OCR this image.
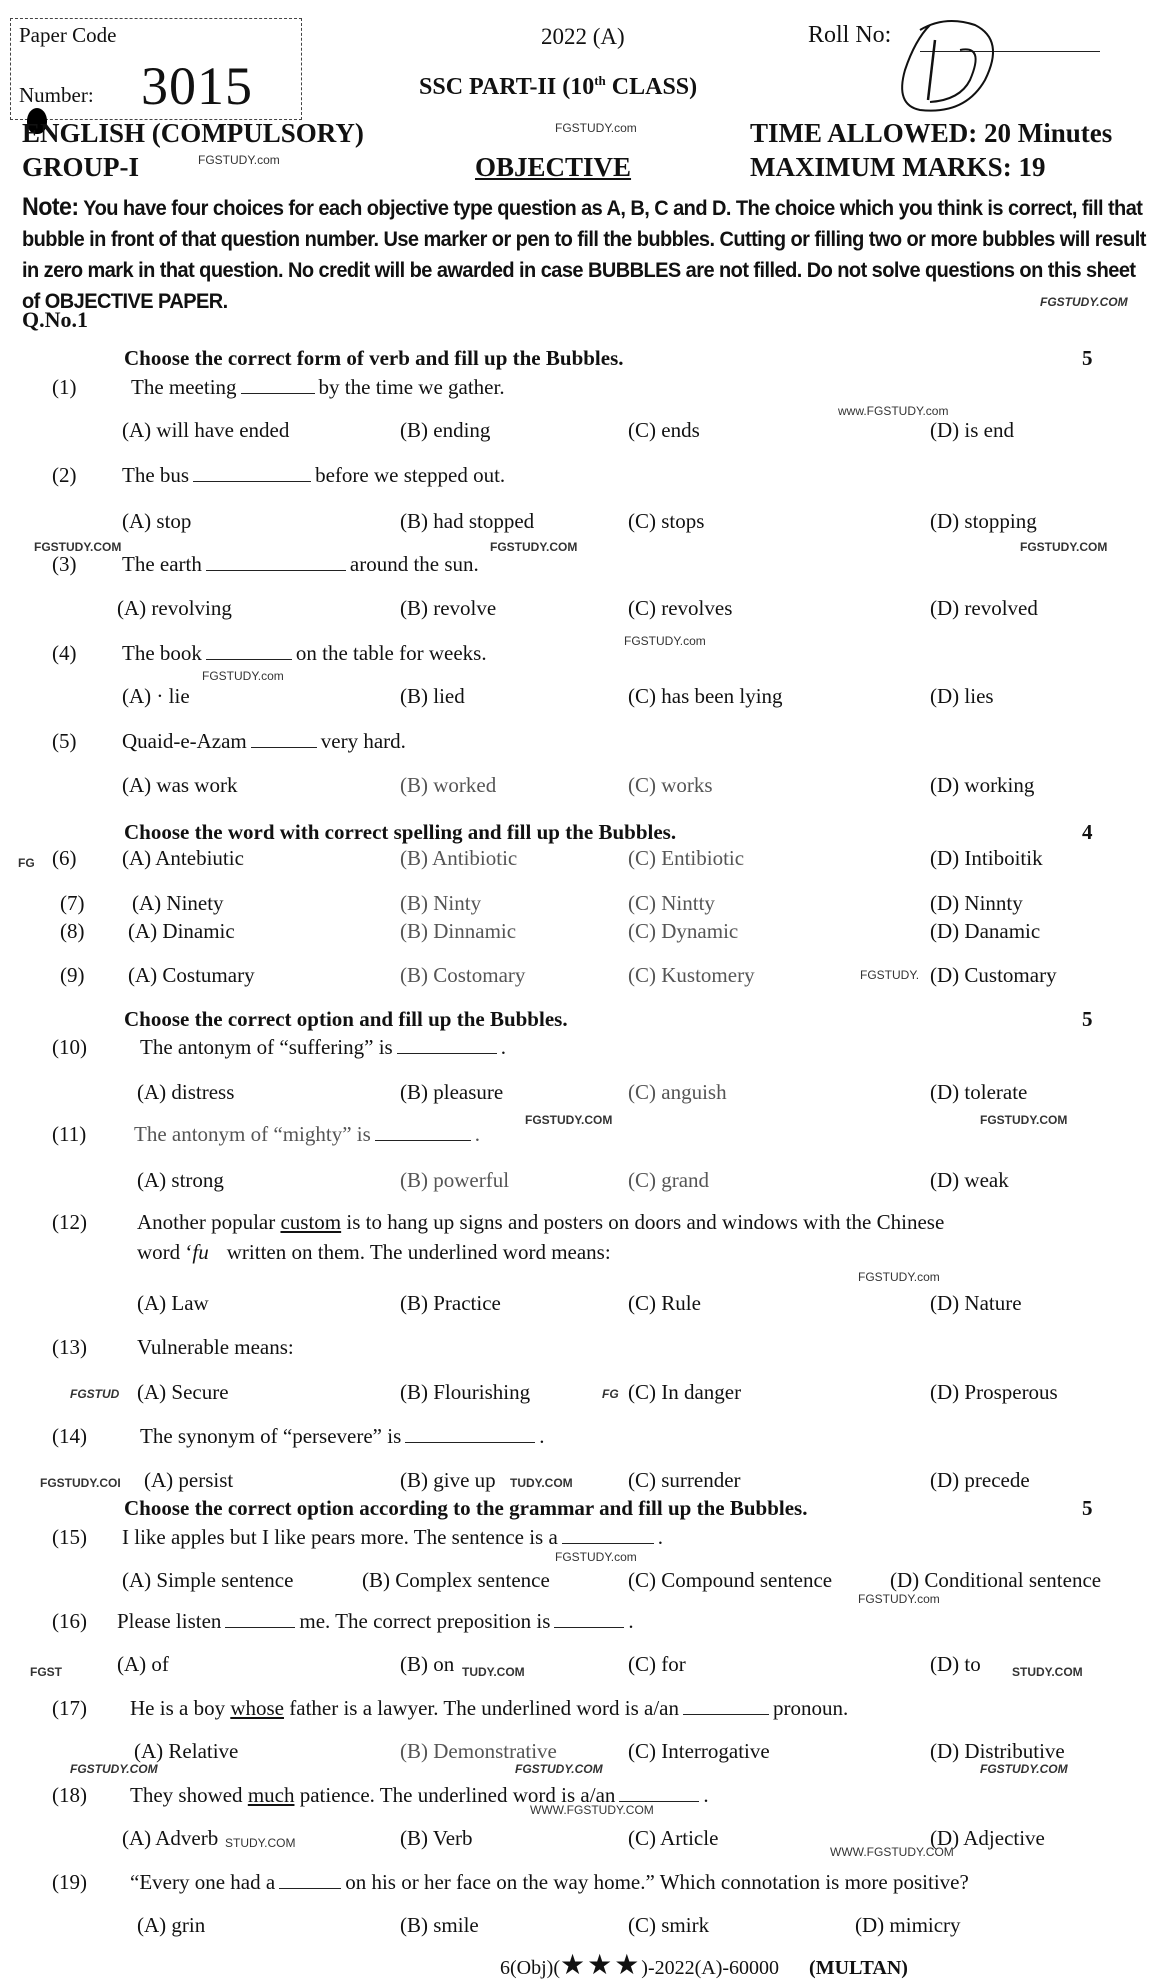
Paper Code
Number: 3015
2022 (A)	Roll No:
SSC PART-II (10th CLASS)
ENGLISH (COMPULSORY)
GROUP-I	OBJECTIVE
TIME ALLOWED: 20 Minutes
MAXIMUM MARKS: 19
FGSTUDY.com
FGSTUDY.com
Note: You have four choices for each objective type question as A, B, C and D. The choice which you think is correct, fill that bubble in front of that question number. Use marker or pen to fill the bubbles. Cutting or filling two or more bubbles will result in zero mark in that question. No credit will be awarded in case BUBBLES are not filled. Do not solve questions on this sheet of OBJECTIVE PAPER.	FGSTUDY.COM
Q.No.1
Choose the correct form of verb and fill up the Bubbles.	5
(1)	The meeting	by the time we gather.
(A) will have ended	(B) ending	(C) ends	(D) is end
www.FGSTUDY.com
(2) The bus	before we stepped out.
(A) stop	(B) had stopped	(C) stops	(D) stopping
FGSTUDY.COM	FGSTUDY.COM	FGSTUDY.COM
(3) The earth	around the sun.
(A) revolving	(B) revolve	(C) revolves	(D) revolved
(4) The book	on the table for weeks.
(A) · lie	(B) lied	(C) has been lying	(D) lies
FGSTUDY.com
FGSTUDY.com
(5) Quaid-e-Azam	very hard.
(A) was work	(B) worked	(C) works	(D) working
Choose the word with correct spelling and fill up the Bubbles.	4
(6) (A) Antebiutic	(B) Antibiotic	(C) Entibiotic	(D) Intiboitik
FG
(7) (A) Ninety	(B) Ninty	(C) Nintty	(D) Ninnty
(8) (A) Dinamic	(B) Dinnamic	(C) Dynamic	(D) Danamic
(9) (A) Costumary	(B) Costomary	(C) Kustomery	(D) Customary
FGSTUDY.
Choose the correct option and fill up the Bubbles.	5
(10)	The antonym of “suffering” is	.
(A) distress	(B) pleasure	(C) anguish	(D) tolerate
FGSTUDY.COM	FGSTUDY.COM
(11) The antonym of “mighty” is	.
(A) strong	(B) powerful	(C) grand	(D) weak
(12) Another popular custom is to hang up signs and posters on doors and windows with the Chinese
word ‘fu written on them. The underlined word means:
(A) Law	(B) Practice	(C) Rule	(D) Nature
FGSTUDY.com
(13) Vulnerable means:
(A) Secure	(B) Flourishing	(C) In danger	(D) Prosperous
FGSTUD	FG
(14)	The synonym of “persevere” is	.
(A) persist	(B) give up	(C) surrender	(D) precede
FGSTUDY.COI	TUDY.COM
Choose the correct option according to the grammar and fill up the Bubbles.	5
(15) I like apples but I like pears more. The sentence is a	.
(A) Simple sentence	(B) Complex sentence	(C) Compound sentence	(D) Conditional sentence
FGSTUDY.com
FGSTUDY.com
(16) Please listen	me. The correct preposition is	.
(A) of	(B) on	(C) for	(D) to
FGST	TUDY.COM	STUDY.COM
(17) He is a boy whose father is a lawyer. The underlined word is a/an	pronoun.
(A) Relative	(B) Demonstrative	(C) Interrogative	(D) Distributive
FGSTUDY.COM	FGSTUDY.COM	FGSTUDY.COM
(18) They showed much patience. The underlined word is a/an	.
(A) Adverb	(B) Verb	(C) Article	(D) Adjective
WWW.FGSTUDY.COM
WWW.FGSTUDY.COM
STUDY.COM
(19) “Every one had a	on his or her face on the way home.” Which connotation is more positive?
(A) grin	(B) smile	(C) smirk	(D) mimicry
6(Obj)(★★★)-2022(A)-60000 (MULTAN)
